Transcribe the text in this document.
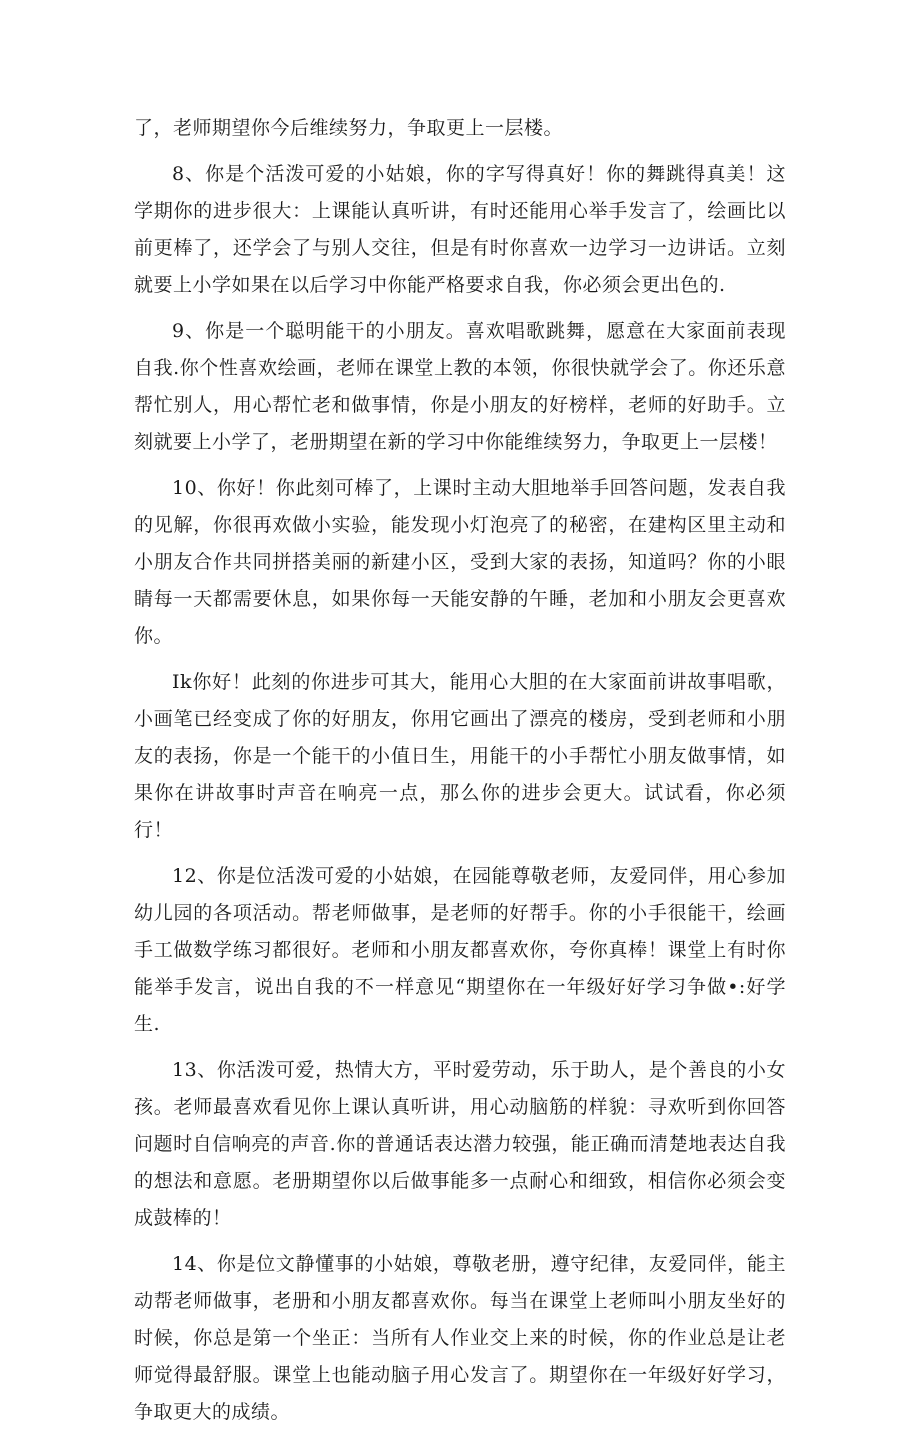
了，老师期望你今后维续努力，争取更上一层楼。

8、你是个活泼可爱的小姑娘，你的字写得真好！你的舞跳得真美！这学期你的进步很大：上课能认真听讲，有时还能用心举手发言了，绘画比以前更棒了，还学会了与别人交往，但是有时你喜欢一边学习一边讲话。立刻就要上小学如果在以后学习中你能严格要求自我，你必须会更出色的.

9、你是一个聪明能干的小朋友。喜欢唱歌跳舞，愿意在大家面前表现自我.你个性喜欢绘画，老师在课堂上教的本领，你很快就学会了。你还乐意帮忙别人，用心帮忙老和做事情，你是小朋友的好榜样，老师的好助手。立刻就要上小学了，老册期望在新的学习中你能维续努力，争取更上一层楼！

10、你好！你此刻可棒了，上课时主动大胆地举手回答问题，发表自我的见解，你很再欢做小实验，能发现小灯泡亮了的秘密，在建构区里主动和小朋友合作共同拼搭美丽的新建小区，受到大家的表扬，知道吗？你的小眼睛每一天都需要休息，如果你每一天能安静的午睡，老加和小朋友会更喜欢你。

Ik你好！此刻的你进步可其大，能用心大胆的在大家面前讲故事唱歌，小画笔已经变成了你的好朋友，你用它画出了漂亮的楼房，受到老师和小朋友的表扬，你是一个能干的小值日生，用能干的小手帮忙小朋友做事情，如果你在讲故事时声音在响亮一点，那么你的进步会更大。试试看，你必须行！

12、你是位活泼可爱的小姑娘，在园能尊敬老师，友爱同伴，用心参加幼儿园的各项活动。帮老师做事，是老师的好帮手。你的小手很能干，绘画手工做数学练习都很好。老师和小朋友都喜欢你，夸你真棒！课堂上有时你能举手发言，说出自我的不一样意见“期望你在一年级好好学习争做•:好学生.

13、你活泼可爱，热情大方，平时爱劳动，乐于助人，是个善良的小女孩。老师最喜欢看见你上课认真听讲，用心动脑筋的样貌：寻欢听到你回答问题时自信响亮的声音.你的普通话表达潜力较强，能正确而清楚地表达自我的想法和意愿。老册期望你以后做事能多一点耐心和细致，相信你必须会变成鼓棒的！

14、你是位文静懂事的小姑娘，尊敬老册，遵守纪律，友爱同伴，能主动帮老师做事，老册和小朋友都喜欢你。每当在课堂上老师叫小朋友坐好的时候，你总是第一个坐正：当所有人作业交上来的时候，你的作业总是让老师觉得最舒服。课堂上也能动脑子用心发言了。期望你在一年级好好学习，争取更大的成绩。
